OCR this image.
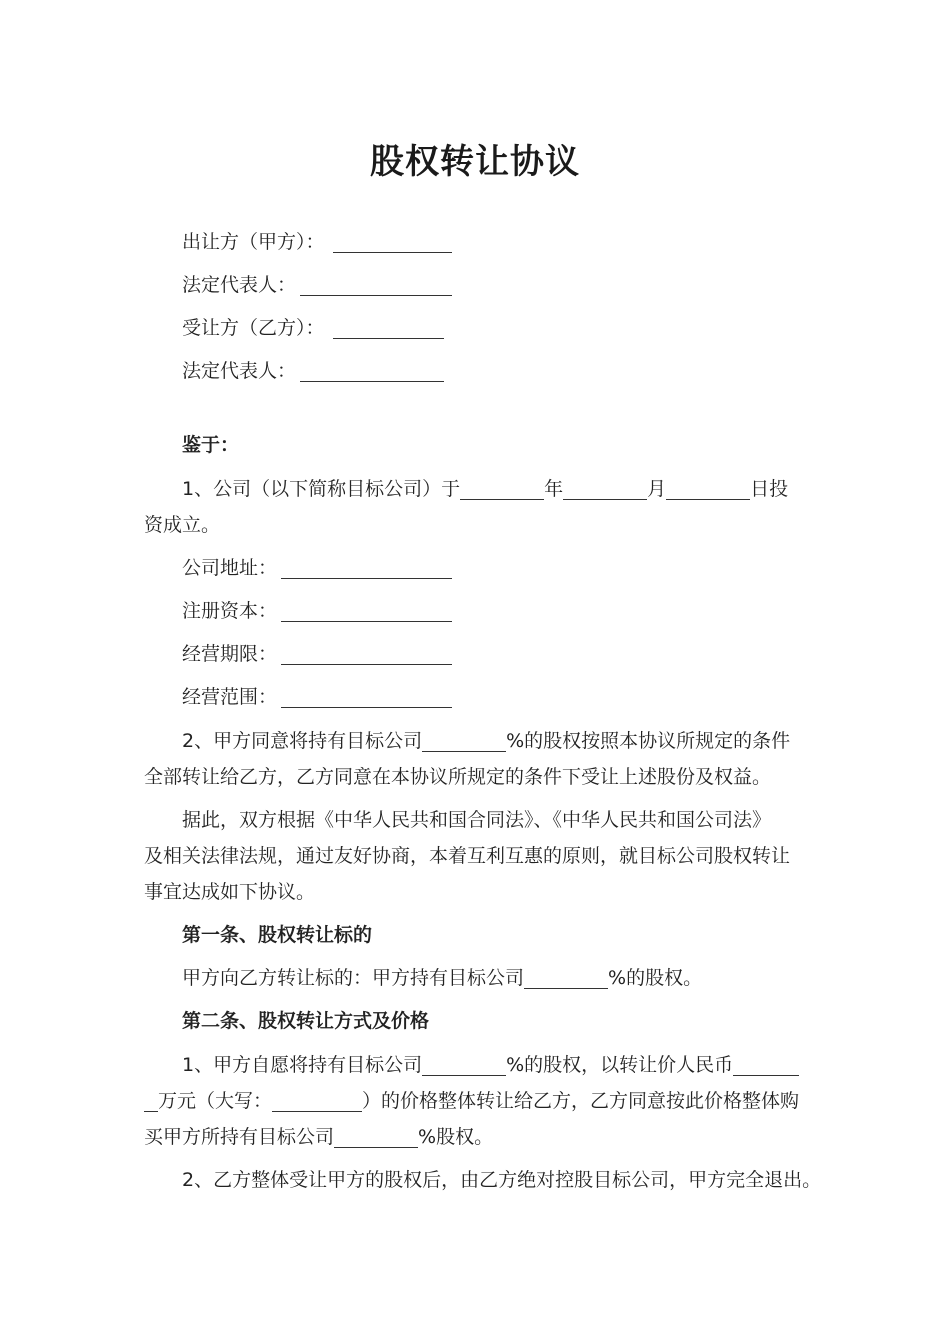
股权转让协议
出让方（甲方）：
法定代表人：
受让方（乙方）：
法定代表人：
鉴于：
1、公司（以下简称目标公司）于	年	月	日投
资成立。
公司地址：
注册资本：
经营期限：
经营范围：
2、甲方同意将持有目标公司	%的股权按照本协议所规定的条件
全部转让给乙方，乙方同意在本协议所规定的条件下受让上述股份及权益。
据此，双方根据《中华人民共和国合同法》、《中华人民共和国公司法》
及相关法律法规，通过友好协商，本着互利互惠的原则，就目标公司股权转让
事宜达成如下协议。
第一条、股权转让标的
甲方向乙方转让标的：甲方持有目标公司	%的股权。
第二条、股权转让方式及价格
1、甲方自愿将持有目标公司	%的股权，以转让价人民币
万元（大写：	）的价格整体转让给乙方，乙方同意按此价格整体购
买甲方所持有目标公司	%股权。
2、乙方整体受让甲方的股权后，由乙方绝对控股目标公司，甲方完全退出。
